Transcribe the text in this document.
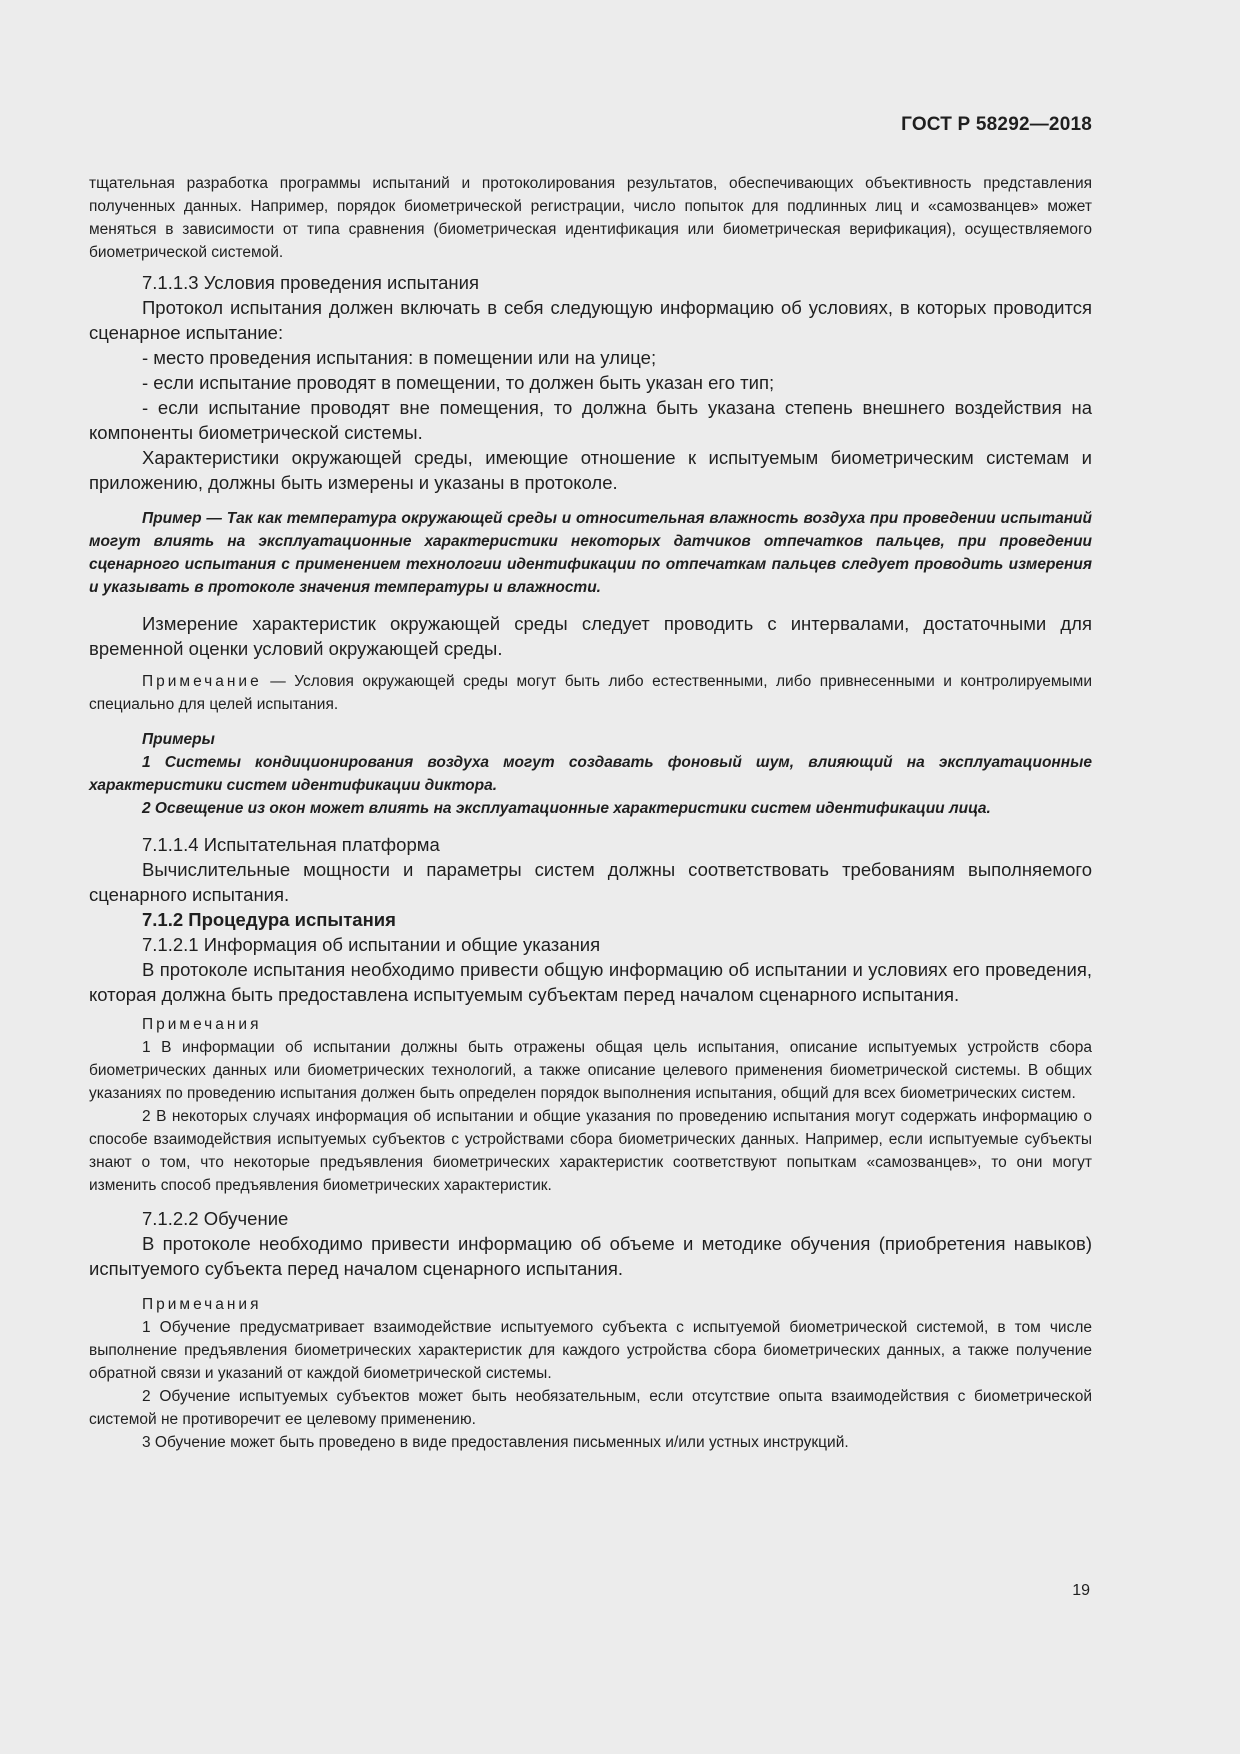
ГОСТ Р 58292—2018

тщательная разработка программы испытаний и протоколирования результатов, обеспечивающих объективность представления полученных данных. Например, порядок биометрической регистрации, число попыток для подлинных лиц и «самозванцев» может меняться в зависимости от типа сравнения (биометрическая идентификация или биометрическая верификация), осуществляемого биометрической системой.

7.1.1.3 Условия проведения испытания

Протокол испытания должен включать в себя следующую информацию об условиях, в которых проводится сценарное испытание:

- место проведения испытания: в помещении или на улице;

- если испытание проводят в помещении, то должен быть указан его тип;

- если испытание проводят вне помещения, то должна быть указана степень внешнего воздействия на компоненты биометрической системы.

Характеристики окружающей среды, имеющие отношение к испытуемым биометрическим системам и приложению, должны быть измерены и указаны в протоколе.

Пример — Так как температура окружающей среды и относительная влажность воздуха при проведении испытаний могут влиять на эксплуатационные характеристики некоторых датчиков отпечатков пальцев, при проведении сценарного испытания с применением технологии идентификации по отпечаткам пальцев следует проводить измерения и указывать в протоколе значения температуры и влажности.

Измерение характеристик окружающей среды следует проводить с интервалами, достаточными для временной оценки условий окружающей среды.

Примечание — Условия окружающей среды могут быть либо естественными, либо привнесенными и контролируемыми специально для целей испытания.

Примеры

1 Системы кондиционирования воздуха могут создавать фоновый шум, влияющий на эксплуатационные характеристики систем идентификации диктора.

2 Освещение из окон может влиять на эксплуатационные характеристики систем идентификации лица.

7.1.1.4 Испытательная платформа

Вычислительные мощности и параметры систем должны соответствовать требованиям выполняемого сценарного испытания.

7.1.2 Процедура испытания

7.1.2.1 Информация об испытании и общие указания

В протоколе испытания необходимо привести общую информацию об испытании и условиях его проведения, которая должна быть предоставлена испытуемым субъектам перед началом сценарного испытания.

Примечания

1 В информации об испытании должны быть отражены общая цель испытания, описание испытуемых устройств сбора биометрических данных или биометрических технологий, а также описание целевого применения биометрической системы. В общих указаниях по проведению испытания должен быть определен порядок выполнения испытания, общий для всех биометрических систем.

2 В некоторых случаях информация об испытании и общие указания по проведению испытания могут содержать информацию о способе взаимодействия испытуемых субъектов с устройствами сбора биометрических данных. Например, если испытуемые субъекты знают о том, что некоторые предъявления биометрических характеристик соответствуют попыткам «самозванцев», то они могут изменить способ предъявления биометрических характеристик.

7.1.2.2 Обучение

В протоколе необходимо привести информацию об объеме и методике обучения (приобретения навыков) испытуемого субъекта перед началом сценарного испытания.

Примечания

1 Обучение предусматривает взаимодействие испытуемого субъекта с испытуемой биометрической системой, в том числе выполнение предъявления биометрических характеристик для каждого устройства сбора биометрических данных, а также получение обратной связи и указаний от каждой биометрической системы.

2 Обучение испытуемых субъектов может быть необязательным, если отсутствие опыта взаимодействия с биометрической системой не противоречит ее целевому применению.

3 Обучение может быть проведено в виде предоставления письменных и/или устных инструкций.

19
